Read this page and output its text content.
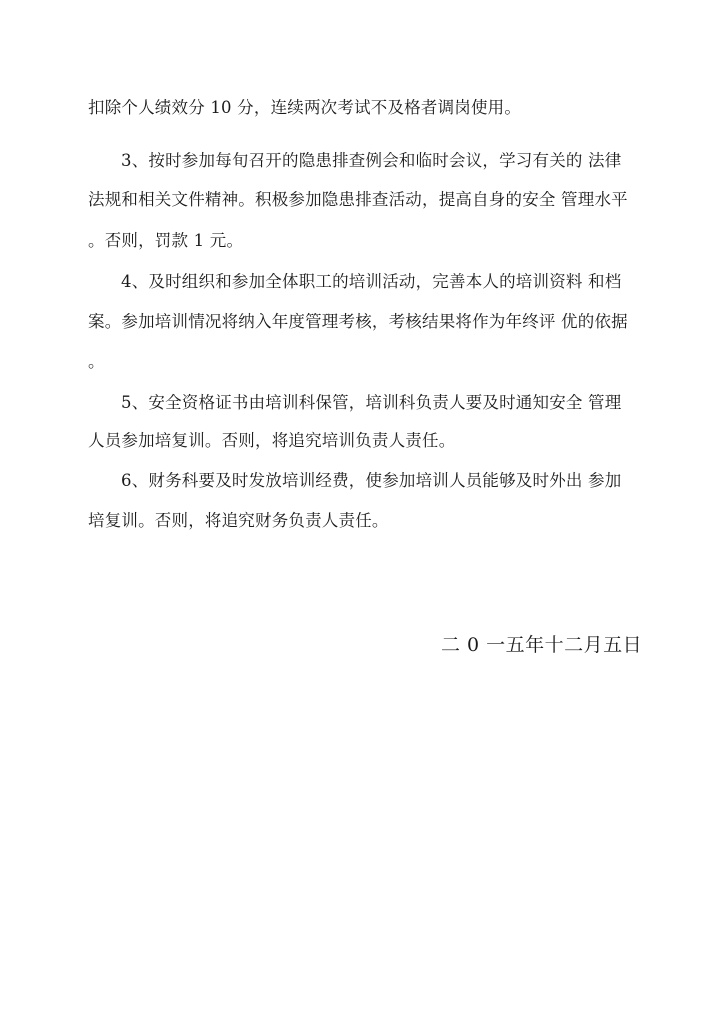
扣除个人绩效分 10 分，连续两次考试不及格者调岗使用。
3、按时参加每旬召开的隐患排查例会和临时会议，学习有关的 法律
法规和相关文件精神。积极参加隐患排查活动，提高自身的安全 管理水平
。否则，罚款 1 元。
4、及时组织和参加全体职工的培训活动，完善本人的培训资料 和档
案。参加培训情况将纳入年度管理考核，考核结果将作为年终评 优的依据
。
5、安全资格证书由培训科保管，培训科负责人要及时通知安全 管理
人员参加培复训。否则，将追究培训负责人责任。
6、财务科要及时发放培训经费，使参加培训人员能够及时外出 参加
培复训。否则，将追究财务负责人责任。
二 0 一五年十二月五日
